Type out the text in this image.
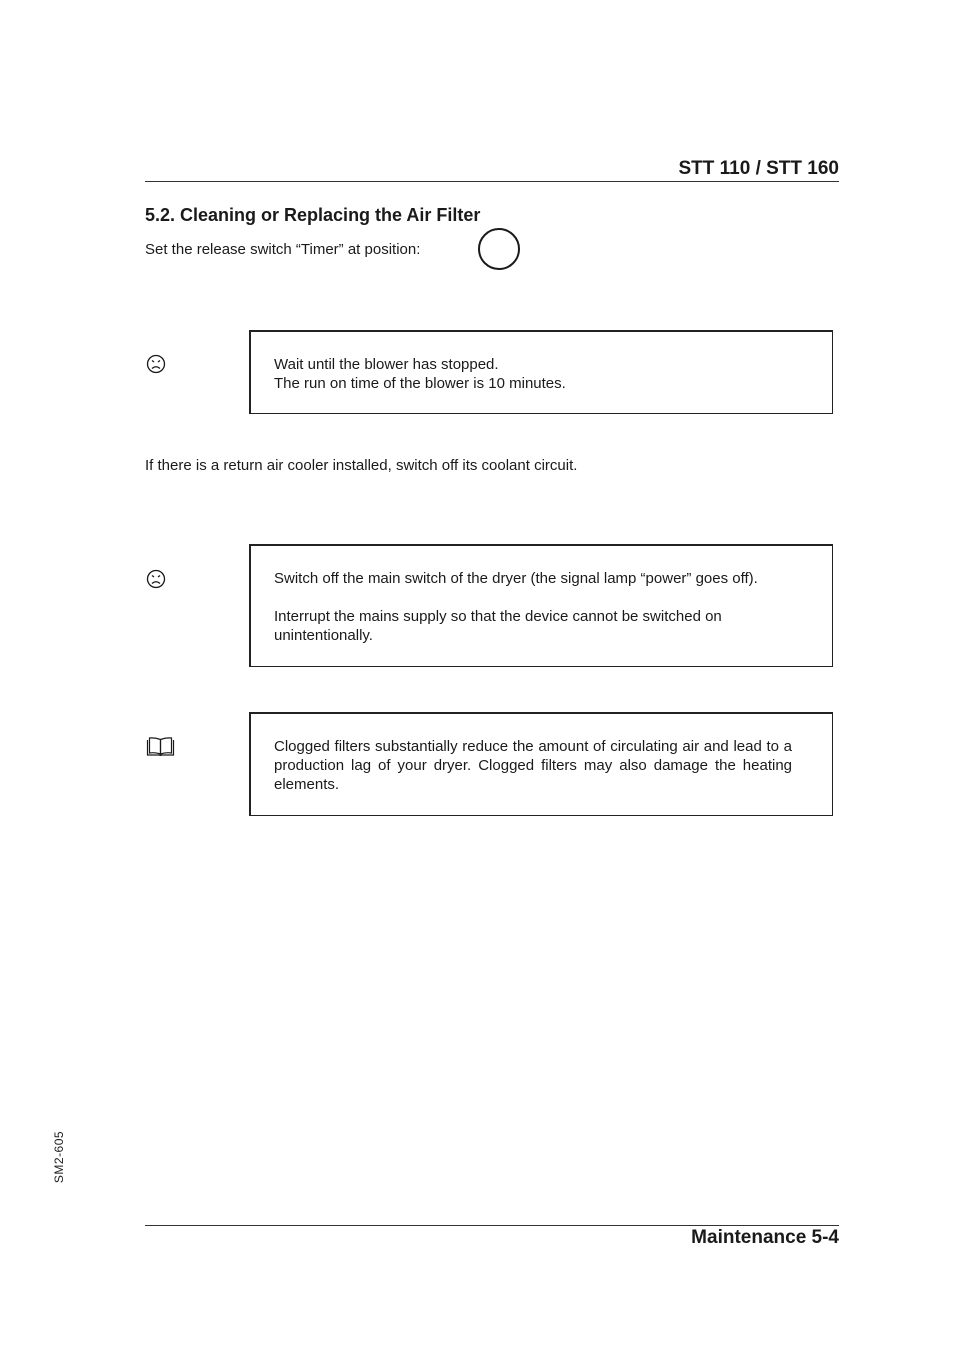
STT 110 / STT 160
5.2. Cleaning or Replacing the Air Filter
Set the release switch “Timer” at position:
Wait until the blower has stopped.
The run on time of the blower is 10 minutes.
If there is a return air cooler installed, switch off its coolant circuit.
Switch off the main switch of the dryer (the signal lamp “power” goes off).
Interrupt the mains supply so that the device cannot be switched on unintentionally.
Clogged filters substantially reduce the amount of circulating air and lead to a production lag of your dryer. Clogged filters may also damage the heating elements.
SM2-605
Maintenance 5-4
